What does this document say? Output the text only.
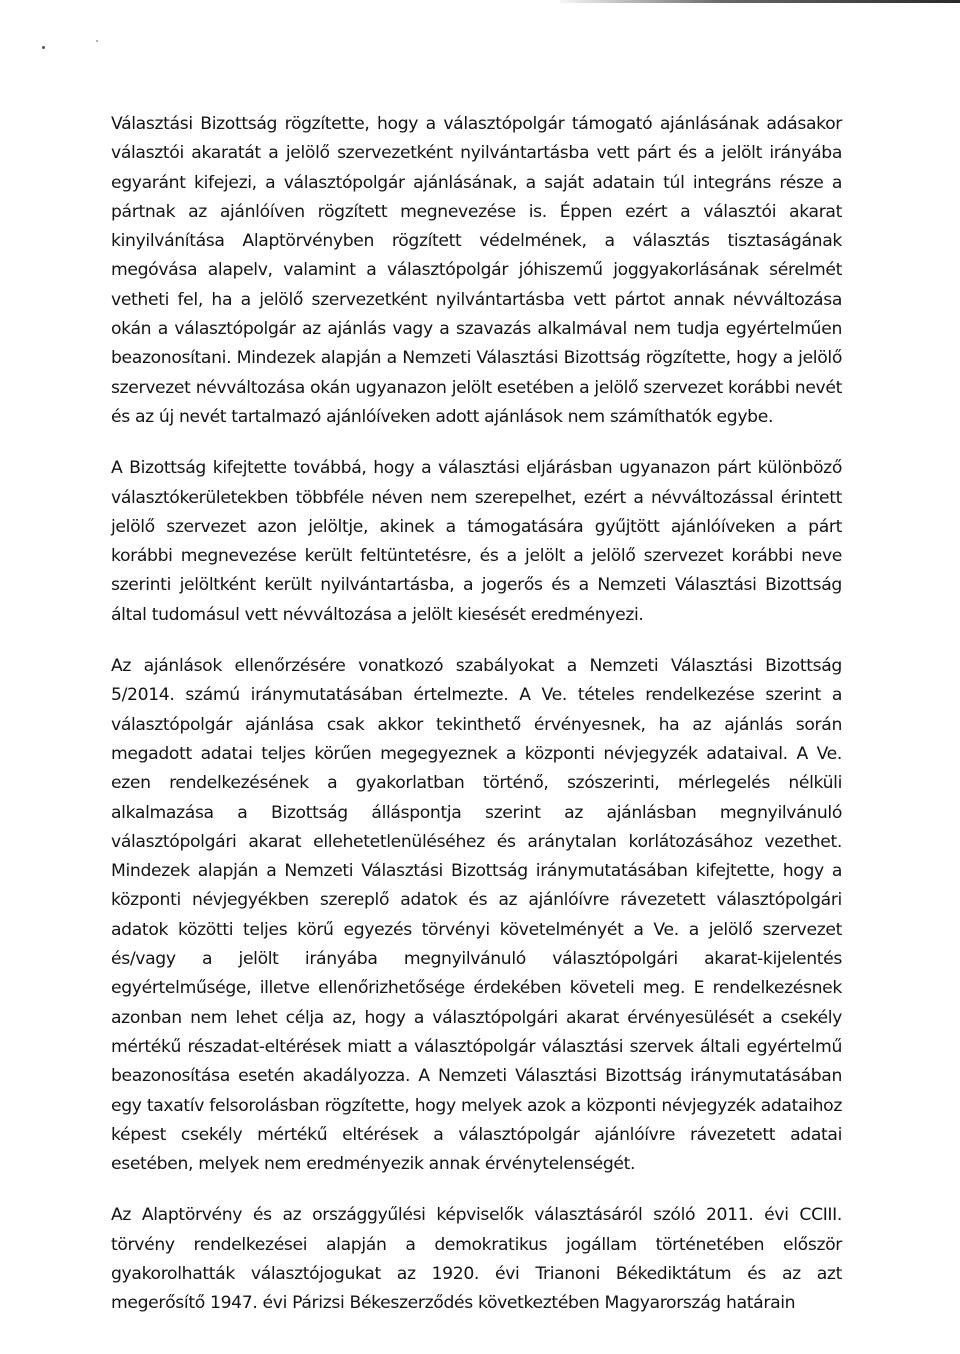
Választási Bizottság rögzítette, hogy a választópolgár támogató ajánlásának adásakor választói akaratát a jelölő szervezetként nyilvántartásba vett párt és a jelölt irányába egyaránt kifejezi, a választópolgár ajánlásának, a saját adatain túl integráns része a pártnak az ajánlóíven rögzített megnevezése is. Éppen ezért a választói akarat kinyilvánítása Alaptörvényben rögzített védelmének, a választás tisztaságának megóvása alapelv, valamint a választópolgár jóhiszemű joggyakorlásának sérelmét vetheti fel, ha a jelölő szervezetként nyilvántartásba vett pártot annak névváltozása okán a választópolgár az ajánlás vagy a szavazás alkalmával nem tudja egyértelműen beazonosítani. Mindezek alapján a Nemzeti Választási Bizottság rögzítette, hogy a jelölő szervezet névváltozása okán ugyanazon jelölt esetében a jelölő szervezet korábbi nevét és az új nevét tartalmazó ajánlóíveken adott ajánlások nem számíthatók egybe.

A Bizottság kifejtette továbbá, hogy a választási eljárásban ugyanazon párt különböző választókerületekben többféle néven nem szerepelhet, ezért a névváltozással érintett jelölő szervezet azon jelöltje, akinek a támogatására gyűjtött ajánlóíveken a párt korábbi megnevezése került feltüntetésre, és a jelölt a jelölő szervezet korábbi neve szerinti jelöltként került nyilvántartásba, a jogerős és a Nemzeti Választási Bizottság által tudomásul vett névváltozása a jelölt kiesését eredményezi.

Az ajánlások ellenőrzésére vonatkozó szabályokat a Nemzeti Választási Bizottság 5/2014. számú iránymutatásában értelmezte. A Ve. tételes rendelkezése szerint a választópolgár ajánlása csak akkor tekinthető érvényesnek, ha az ajánlás során megadott adatai teljes körűen megegyeznek a központi névjegyzék adataival. A Ve. ezen rendelkezésének a gyakorlatban történő, szószerinti, mérlegelés nélküli alkalmazása a Bizottság álláspontja szerint az ajánlásban megnyilvánuló választópolgári akarat ellehetetlenüléséhez és aránytalan korlátozásához vezethet. Mindezek alapján a Nemzeti Választási Bizottság iránymutatásában kifejtette, hogy a központi névjegyékben szereplő adatok és az ajánlóívre rávezetett választópolgári adatok közötti teljes körű egyezés törvényi követelményét a Ve. a jelölő szervezet és/vagy a jelölt irányába megnyilvánuló választópolgári akarat-kijelentés egyértelműsége, illetve ellenőrizhetősége érdekében követeli meg. E rendelkezésnek azonban nem lehet célja az, hogy a választópolgári akarat érvényesülését a csekély mértékű részadat-eltérések miatt a választópolgár választási szervek általi egyértelmű beazonosítása esetén akadályozza. A Nemzeti Választási Bizottság iránymutatásában egy taxatív felsorolásban rögzítette, hogy melyek azok a központi névjegyzék adataihoz képest csekély mértékű eltérések a választópolgár ajánlóívre rávezetett adatai esetében, melyek nem eredményezik annak érvénytelenségét.

Az Alaptörvény és az országgyűlési képviselők választásáról szóló 2011. évi CCIII. törvény rendelkezései alapján a demokratikus jogállam történetében először gyakorolhatták választójogukat az 1920. évi Trianoni Békediktátum és az azt megerősítő 1947. évi Párizsi Békeszerződés következtében Magyarország határain
